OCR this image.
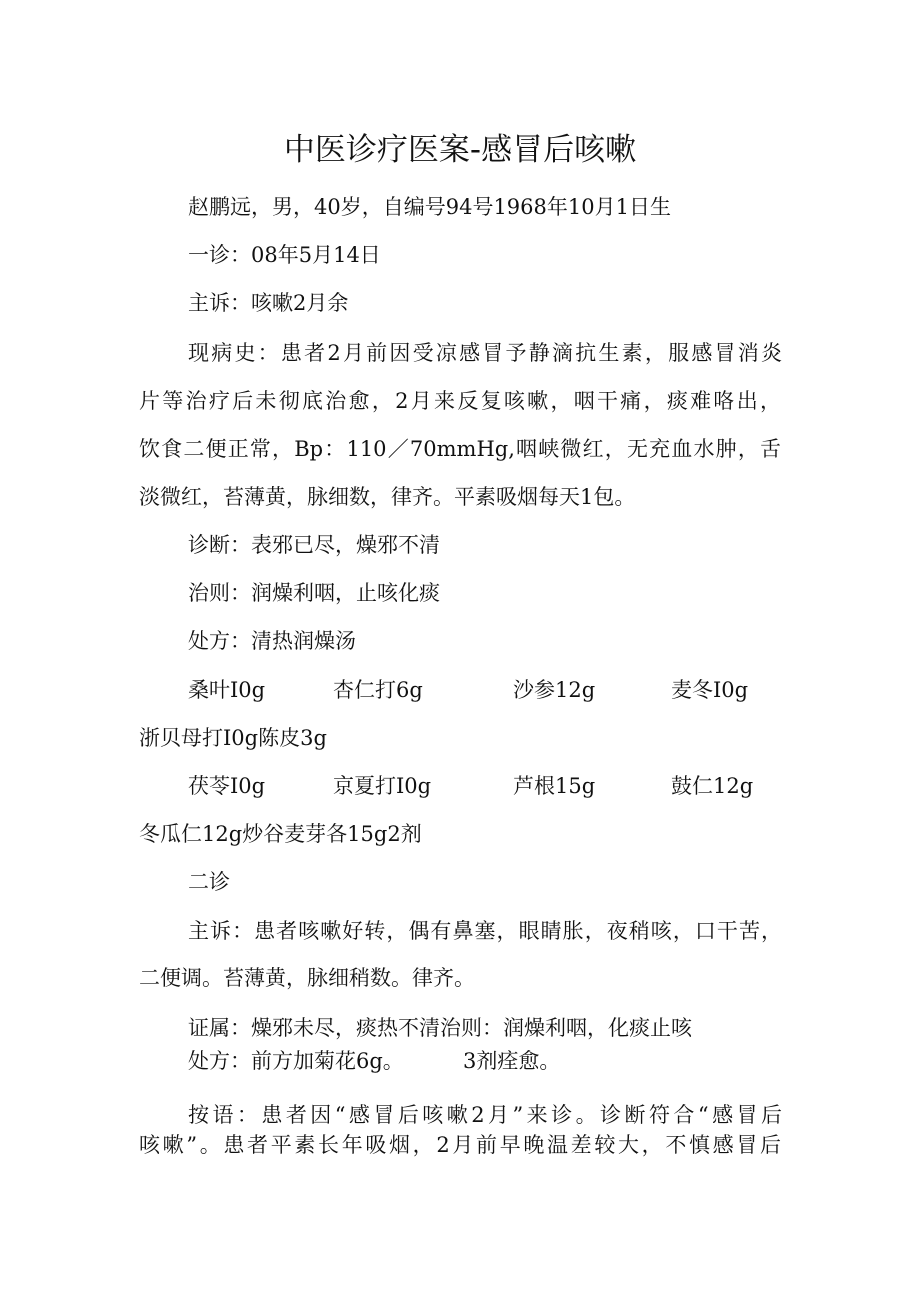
中医诊疗医案-感冒后咳嗽
赵鹏远，男，40岁，自编号94号1968年10月1日生
一诊：08年5月14日
主诉：咳嗽2月余
现病史：患者2月前因受凉感冒予静滴抗生素，服感冒消炎
片等治疗后未彻底治愈，2月来反复咳嗽，咽干痛，痰难咯出，
饮食二便正常，Bp：110／70mmHg,咽峡微红，无充血水肿，舌
淡微红，苔薄黄，脉细数，律齐。平素吸烟每天1包。
诊断：表邪已尽，燥邪不清
治则：润燥利咽，止咳化痰
处方：清热润燥汤
桑叶I0g	杏仁打6g	沙参12g	麦冬I0g
浙贝母打I0g陈皮3g
茯苓I0g	京夏打I0g	芦根15g	鼓仁12g
冬瓜仁12g炒谷麦芽各15g2剂
二诊
主诉：患者咳嗽好转，偶有鼻塞，眼睛胀，夜稍咳，口干苦，
二便调。苔薄黄，脉细稍数。律齐。
证属：燥邪未尽，痰热不清治则：润燥利咽，化痰止咳
处方：前方加菊花6g。	3剂痊愈。
按语：患者因“感冒后咳嗽2月”来诊。诊断符合“感冒后
咳嗽”。患者平素长年吸烟，2月前早晚温差较大，不慎感冒后
